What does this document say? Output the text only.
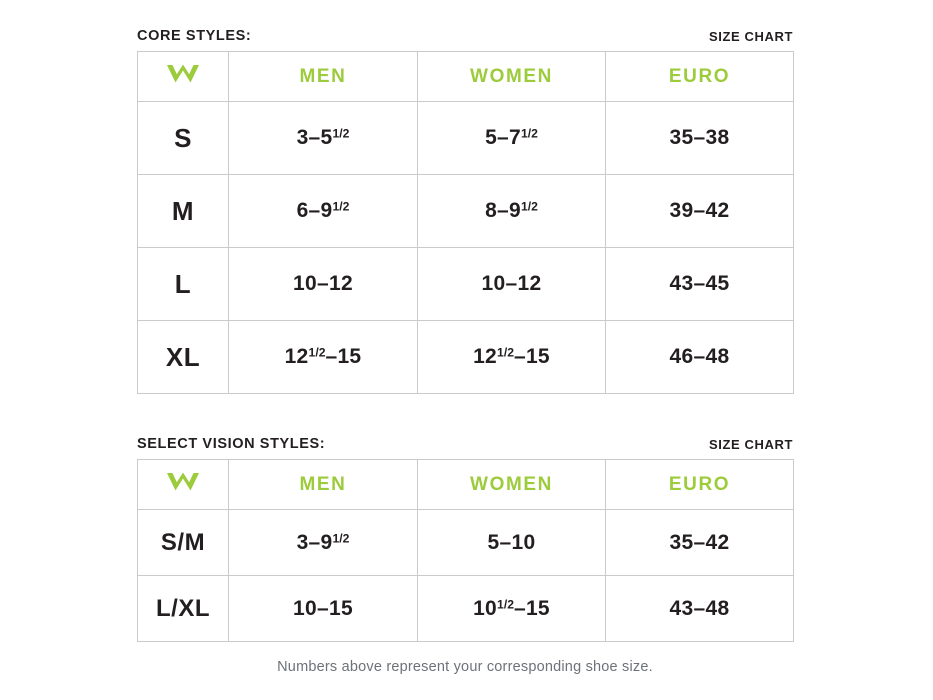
CORE STYLES:	SIZE CHART
	MEN	WOMEN	EURO
S	$3-5^{1/2}$	$5-7^{1/2}$	35–38
M	$6-9^{1/2}$	$8-9^{1/2}$	39–42
L	10–12	10–12	43–45
XL	$12^{1/2}-15$	$12^{1/2}-15$	46–48
SELECT VISION STYLES:	SIZE CHART
	MEN	WOMEN	EURO
S/M	$3-9^{1/2}$	5–10	35–42
L/XL	10–15	$10^{1/2}-15$	43–48
Numbers above represent your corresponding shoe size.
